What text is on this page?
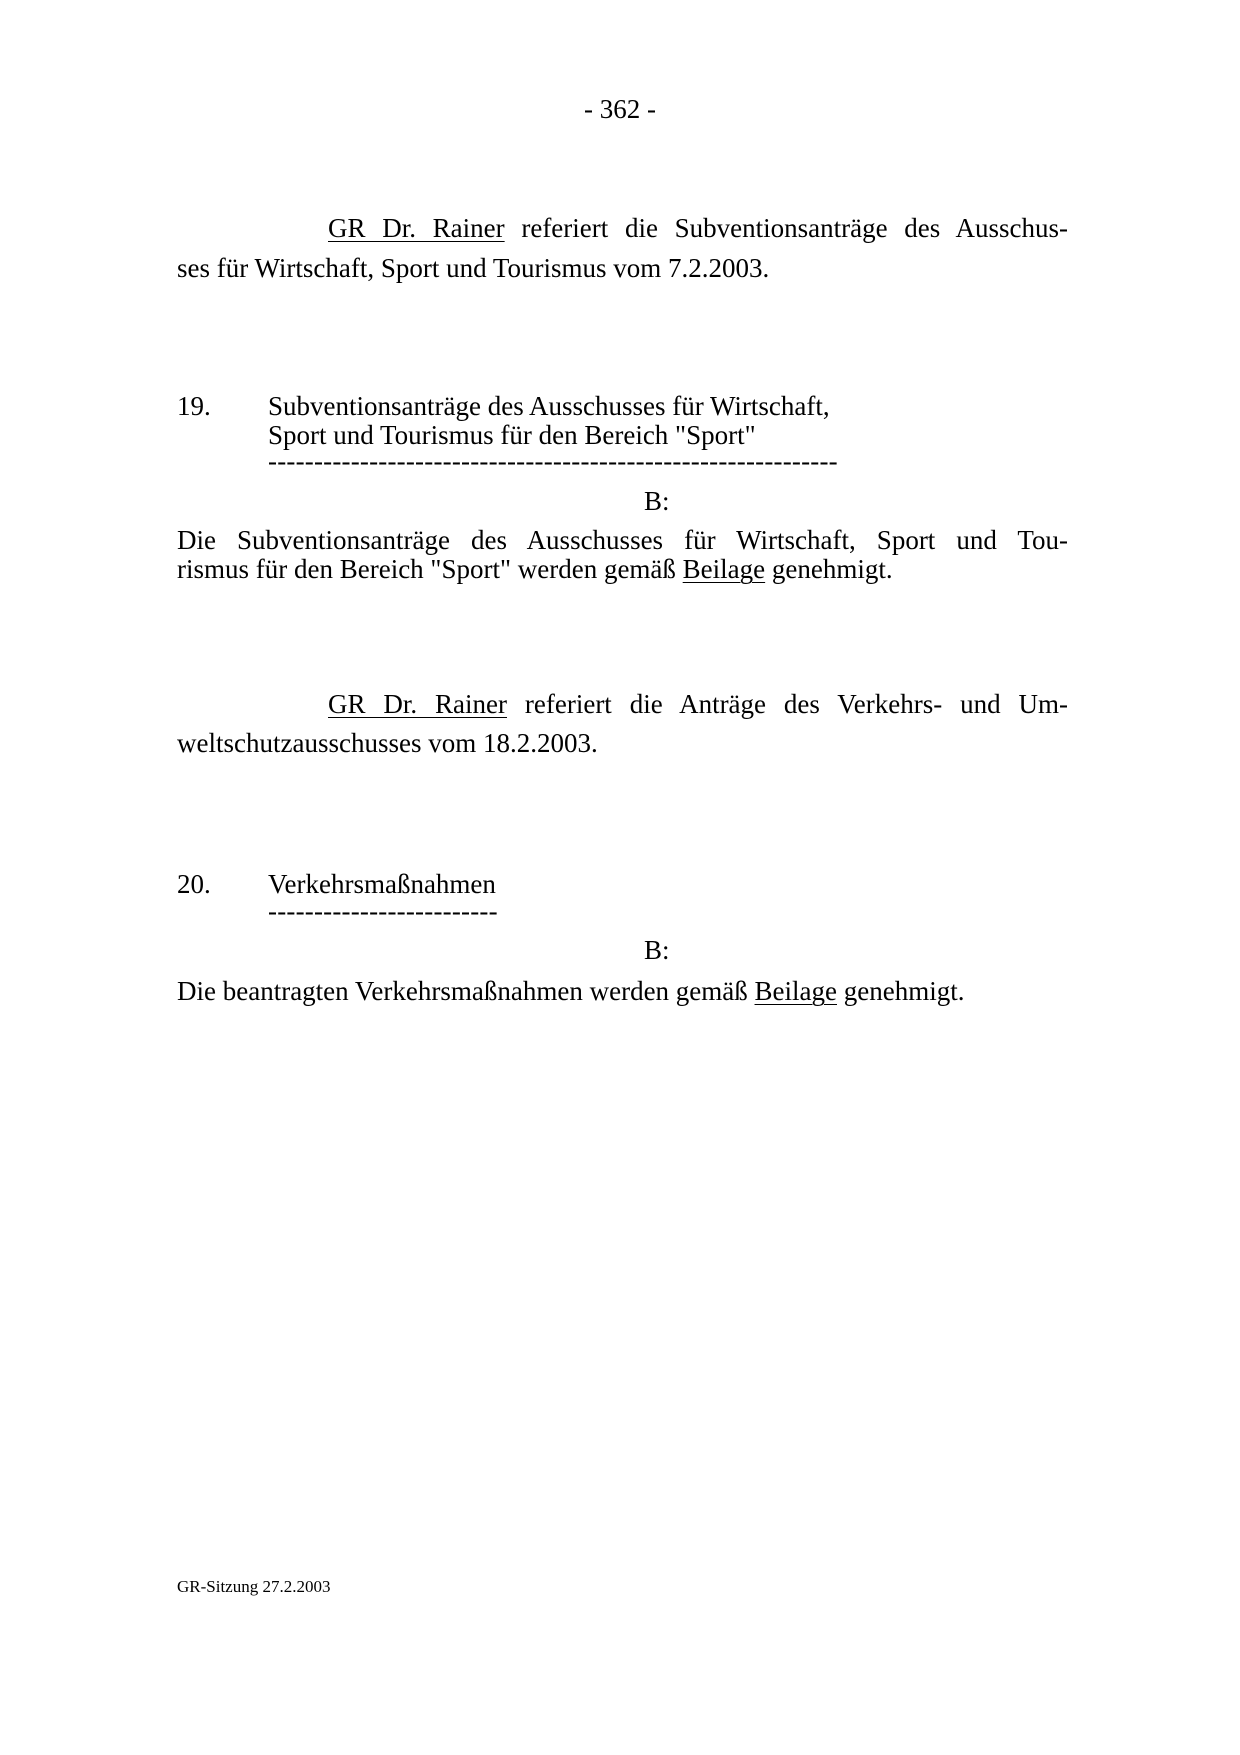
- 362 -
GR Dr. Rainer referiert die Subventionsanträge des Ausschus-
ses für Wirtschaft, Sport und Tourismus vom 7.2.2003.
19. Subventionsanträge des Ausschusses für Wirtschaft,
Sport und Tourismus für den Bereich "Sport"
--------------------------------------------------------------
B:
Die Subventionsanträge des Ausschusses für Wirtschaft, Sport und Tou-
rismus für den Bereich "Sport" werden gemäß Beilage genehmigt.
GR Dr. Rainer referiert die Anträge des Verkehrs- und Um-
weltschutzausschusses vom 18.2.2003.
20. Verkehrsmaßnahmen
-------------------------
B:
Die beantragten Verkehrsmaßnahmen werden gemäß Beilage genehmigt.
GR-Sitzung 27.2.2003
